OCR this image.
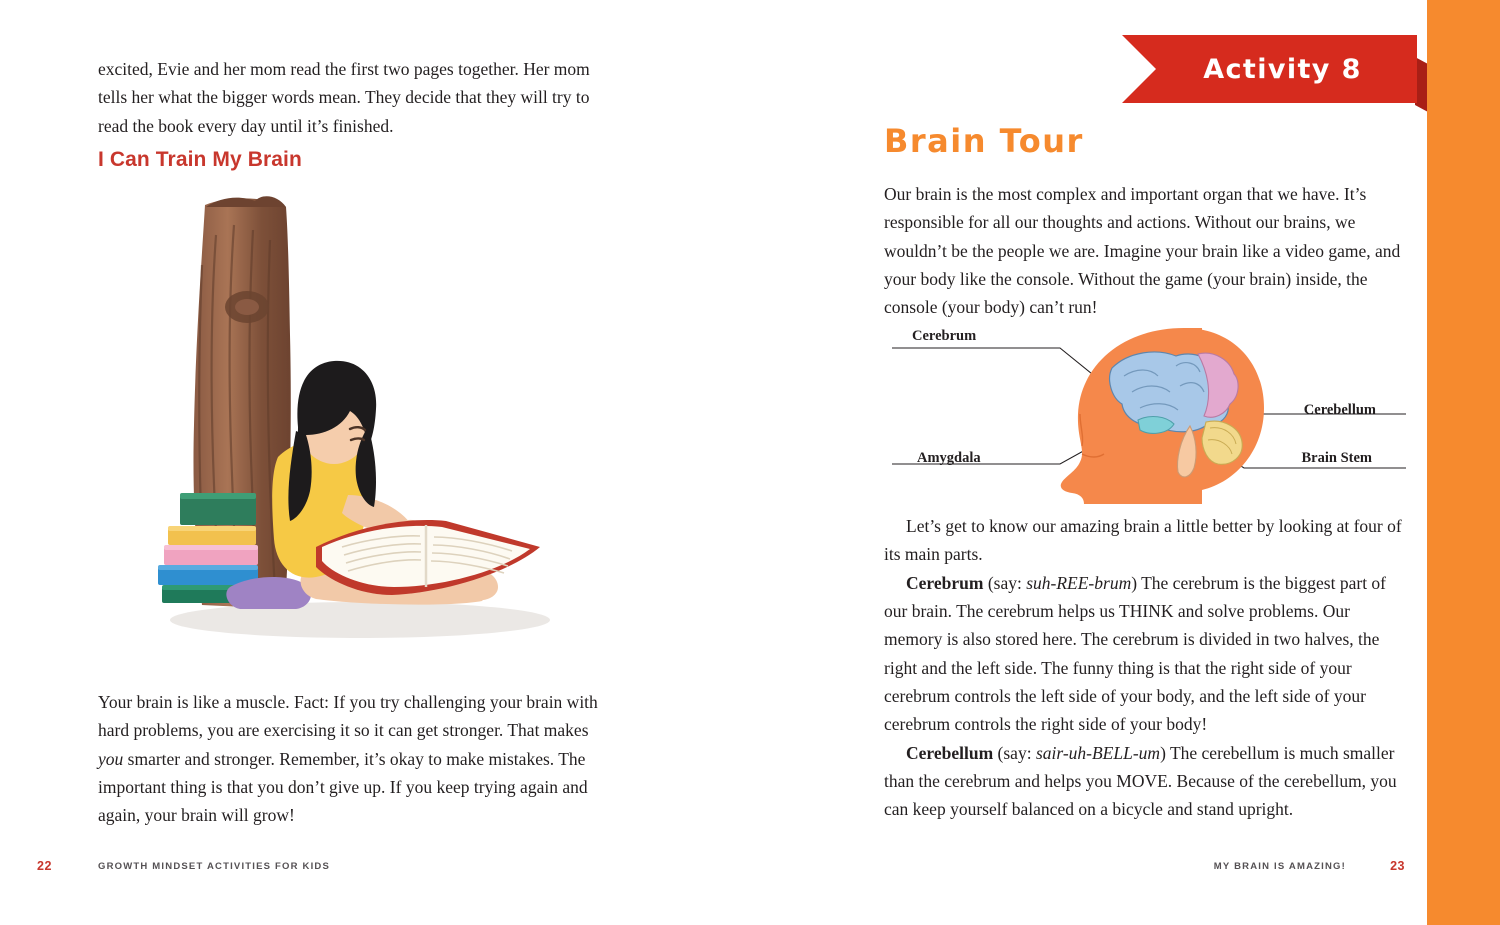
excited, Evie and her mom read the first two pages together. Her mom tells her what the bigger words mean. They decide that they will try to read the book every day until it’s finished.
I Can Train My Brain
Your brain is like a muscle. Fact: If you try challenging your brain with hard problems, you are exercising it so it can get stronger. That makes you smarter and stronger. Remember, it’s okay to make mistakes. The important thing is that you don’t give up. If you keep trying again and again, your brain will grow!
22	GROWTH MINDSET ACTIVITIES FOR KIDS
Activity 8
Brain Tour
Our brain is the most complex and important organ that we have. It’s responsible for all our thoughts and actions. Without our brains, we wouldn’t be the people we are. Imagine your brain like a video game, and your body like the console. Without the game (your brain) inside, the console (your body) can’t run!
Cerebrum
Amygdala
Cerebellum
Brain Stem

Let’s get to know our amazing brain a little better by looking at four of its main parts.

Cerebrum (say: suh-REE-brum) The cerebrum is the biggest part of our brain. The cerebrum helps us THINK and solve problems. Our memory is also stored here. The cerebrum is divided in two halves, the right and the left side. The funny thing is that the right side of your cerebrum controls the left side of your body, and the left side of your cerebrum controls the right side of your body!

Cerebellum (say: sair-uh-BELL-um) The cerebellum is much smaller than the cerebrum and helps you MOVE. Because of the cerebellum, you can keep yourself balanced on a bicycle and stand upright.

23
MY BRAIN IS AMAZING!
